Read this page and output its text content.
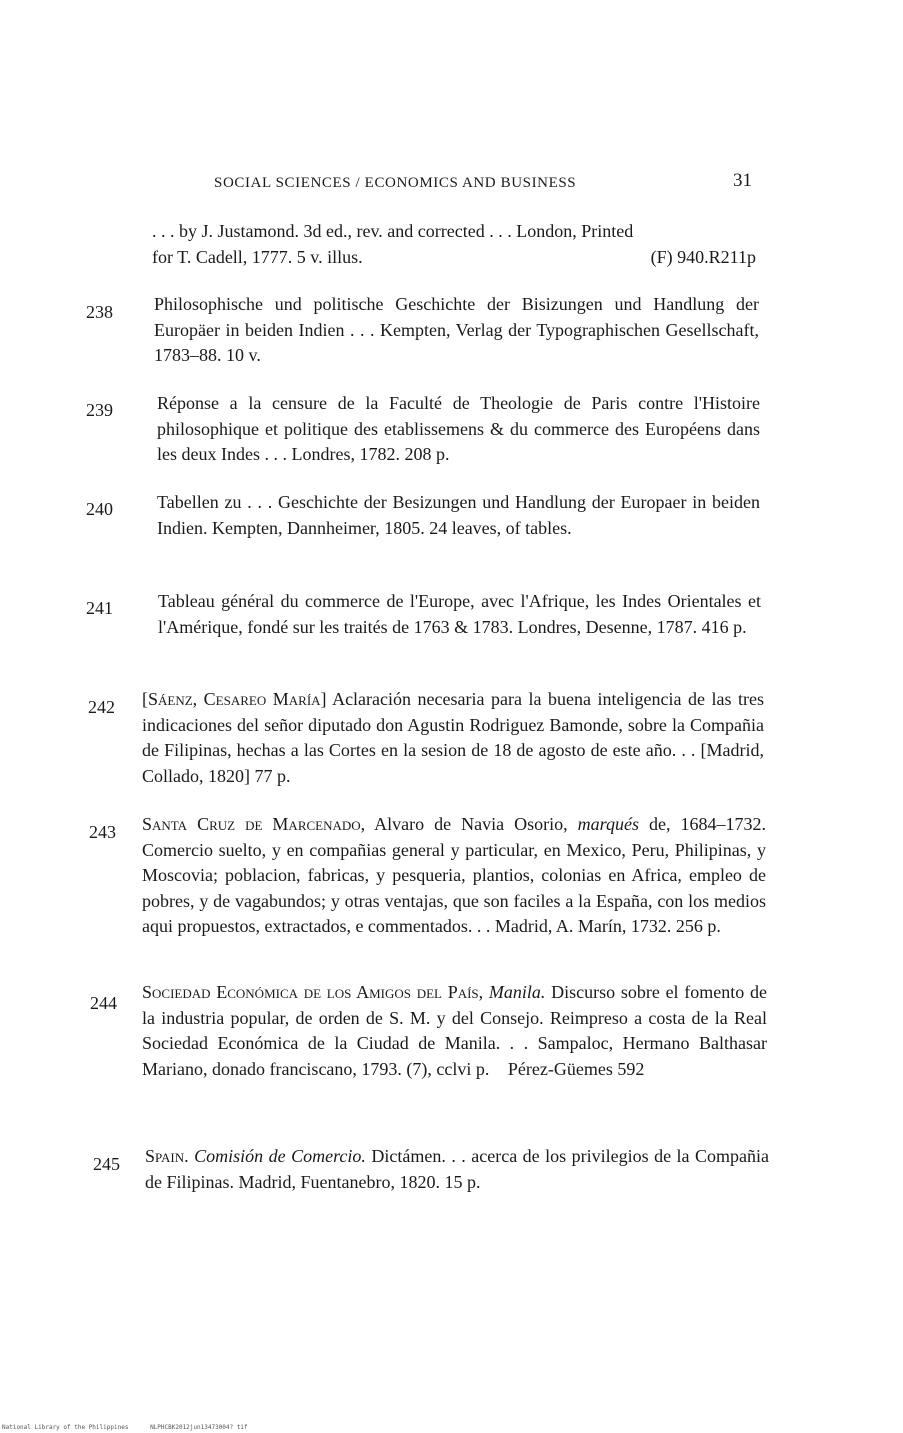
SOCIAL SCIENCES / ECONOMICS AND BUSINESS	31
. . . by J. Justamond. 3d ed., rev. and corrected . . . London, Printed
for T. Cadell, 1777. 5 v. illus.	(F) 940.R211p
238 Philosophische und politische Geschichte der Bisizungen und Handlung der Europäer in beiden Indien . . . Kempten, Verlag der Typographischen Gesellschaft, 1783–88. 10 v.
239 Réponse a la censure de la Faculté de Theologie de Paris contre l'Histoire philosophique et politique des etablissemens & du commerce des Européens dans les deux Indes . . . Londres, 1782. 208 p.
240 Tabellen zu . . . Geschichte der Besizungen und Handlung der Europaer in beiden Indien. Kempten, Dannheimer, 1805. 24 leaves, of tables.
241	Tableau général du commerce de l'Europe, avec l'Afrique, les Indes Orientales et l'Amérique, fondé sur les traités de 1763 & 1783. Londres, Desenne, 1787. 416 p.
242 [Sáenz, Cesareo María] Aclaración necesaria para la buena inteligencia de las tres indicaciones del señor diputado don Agustin Rodriguez Bamonde, sobre la Compañia de Filipinas, hechas a las Cortes en la sesion de 18 de agosto de este año. . . [Madrid, Collado, 1820] 77 p.
243 Santa Cruz de Marcenado, Alvaro de Navia Osorio, marqués de, 1684–1732. Comercio suelto, y en compañias general y particular, en Mexico, Peru, Philipinas, y Moscovia; poblacion, fabricas, y pesqueria, plantios, colonias en Africa, empleo de pobres, y de vagabundos; y otras ventajas, que son faciles a la España, con los medios aqui propuestos, extractados, e commentados. . . Madrid, A. Marín, 1732. 256 p.
244
Sociedad Económica de los Amigos del País, Manila. Discurso sobre el fomento de la industria popular, de orden de S. M. y del Consejo. Reimpreso a costa de la Real Sociedad Económica de la Ciudad de Manila. . . Sampaloc, Hermano Balthasar Mariano, donado franciscano, 1793. (7), cclvi p. Pérez-Güemes 592
245 Spain. Comisión de Comercio. Dictámen. . . acerca de los privilegios de la Compañia de Filipinas. Madrid, Fuentanebro, 1820. 15 p.
National Library of the Philippines	NLPHCBK2012jun13473004? tif
